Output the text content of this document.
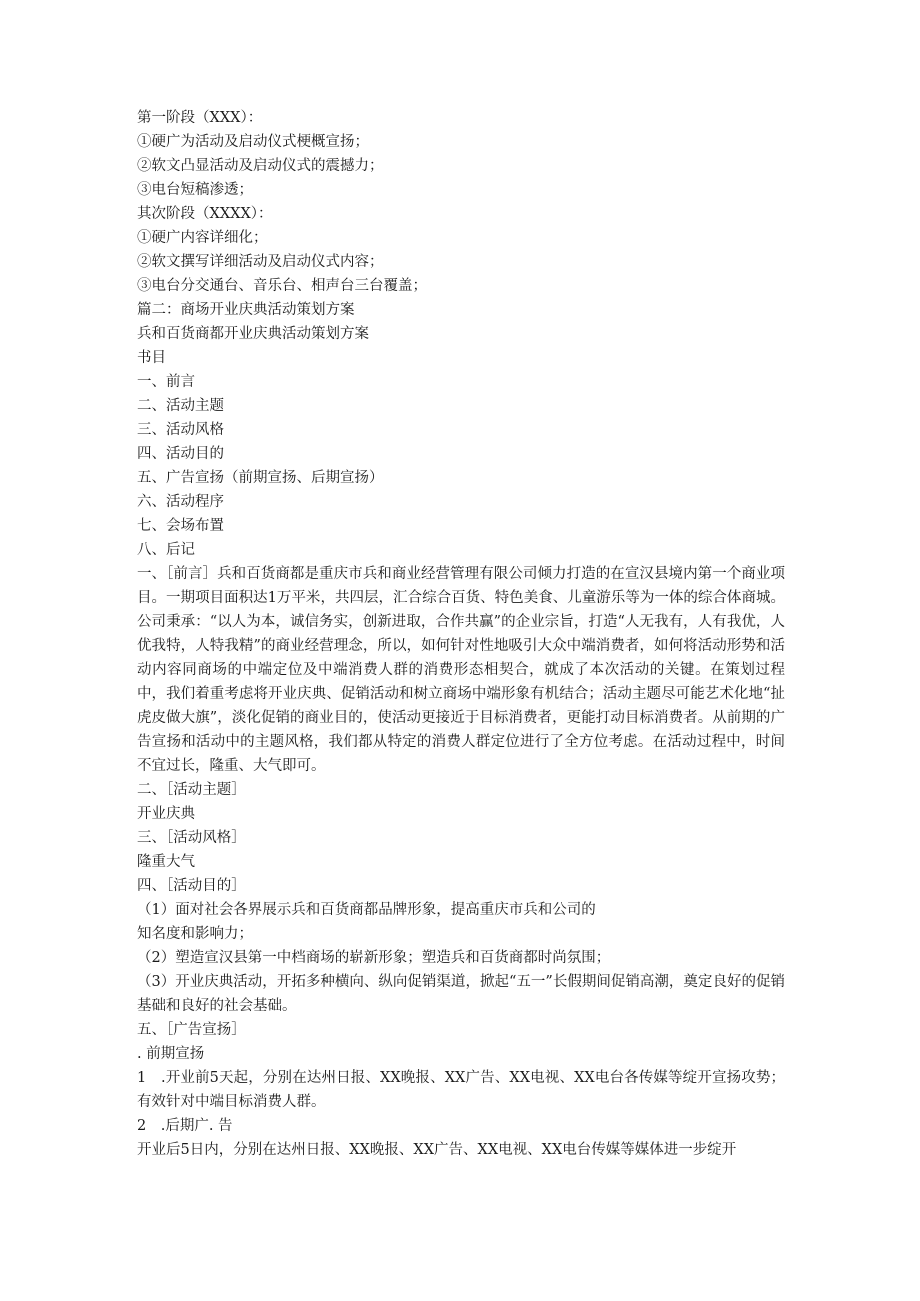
第一阶段（XXX）：
①硬广为活动及启动仪式梗概宣扬；
②软文凸显活动及启动仪式的震撼力；
③电台短稿渗透；
其次阶段（XXXX）：
①硬广内容详细化；
②软文撰写详细活动及启动仪式内容；
③电台分交通台、音乐台、相声台三台覆盖；
篇二：商场开业庆典活动策划方案
兵和百货商都开业庆典活动策划方案
书目
一、前言
二、活动主题
三、活动风格
四、活动目的
五、广告宣扬（前期宣扬、后期宣扬）
六、活动程序
七、会场布置
八、后记

一、［前言］兵和百货商都是重庆市兵和商业经营管理有限公司倾力打造的在宣汉县境内第一个商业项目。一期项目面积达1万平米，共四层，汇合综合百货、特色美食、儿童游乐等为一体的综合体商城。公司秉承：“以人为本，诚信务实，创新进取，合作共赢”的企业宗旨，打造“人无我有，人有我优，人优我特，人特我精”的商业经营理念，所以，如何针对性地吸引大众中端消费者，如何将活动形势和活动内容同商场的中端定位及中端消费人群的消费形态相契合，就成了本次活动的关键。在策划过程中，我们着重考虑将开业庆典、促销活动和树立商场中端形象有机结合；活动主题尽可能艺术化地“扯虎皮做大旗”，淡化促销的商业目的，使活动更接近于目标消费者，更能打动目标消费者。从前期的广告宣扬和活动中的主题风格，我们都从特定的消费人群定位进行了全方位考虑。在活动过程中，时间不宜过长，隆重、大气即可。

二、［活动主题］
开业庆典
三、［活动风格］
隆重大气
四、［活动目的］
（1）面对社会各界展示兵和百货商都品牌形象，提高重庆市兵和公司的
知名度和影响力；
（2）塑造宣汉县第一中档商场的崭新形象；塑造兵和百货商都时尚氛围；

（3）开业庆典活动，开拓多种横向、纵向促销渠道，掀起“五一”长假期间促销高潮，奠定良好的促销基础和良好的社会基础。

五、［广告宣扬］
. 前期宣扬

1　.开业前5天起，分别在达州日报、XX晚报、XX广告、XX电视、XX电台各传媒等绽开宣扬攻势；有效针对中端目标消费人群。

2　.后期广. 告
开业后5日内，分别在达州日报、XX晚报、XX广告、XX电视、XX电台传媒等媒体进一步绽开
